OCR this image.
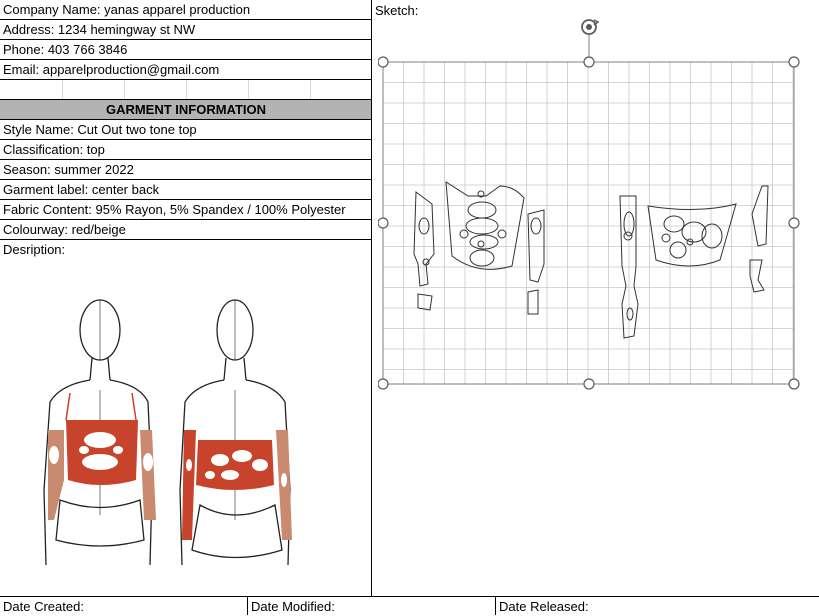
Company Name: yanas apparel production
Address: 1234 hemingway st NW
Phone: 403 766 3846
Email: apparelproduction@gmail.com
GARMENT INFORMATION
Style Name: Cut Out two tone top
Classification: top
Season: summer 2022
Garment label: center back
Fabric Content: 95% Rayon, 5% Spandex / 100% Polyester
Colourway: red/beige
Desription:
Sketch:
Date Created:	Date Modified:	Date Released:
